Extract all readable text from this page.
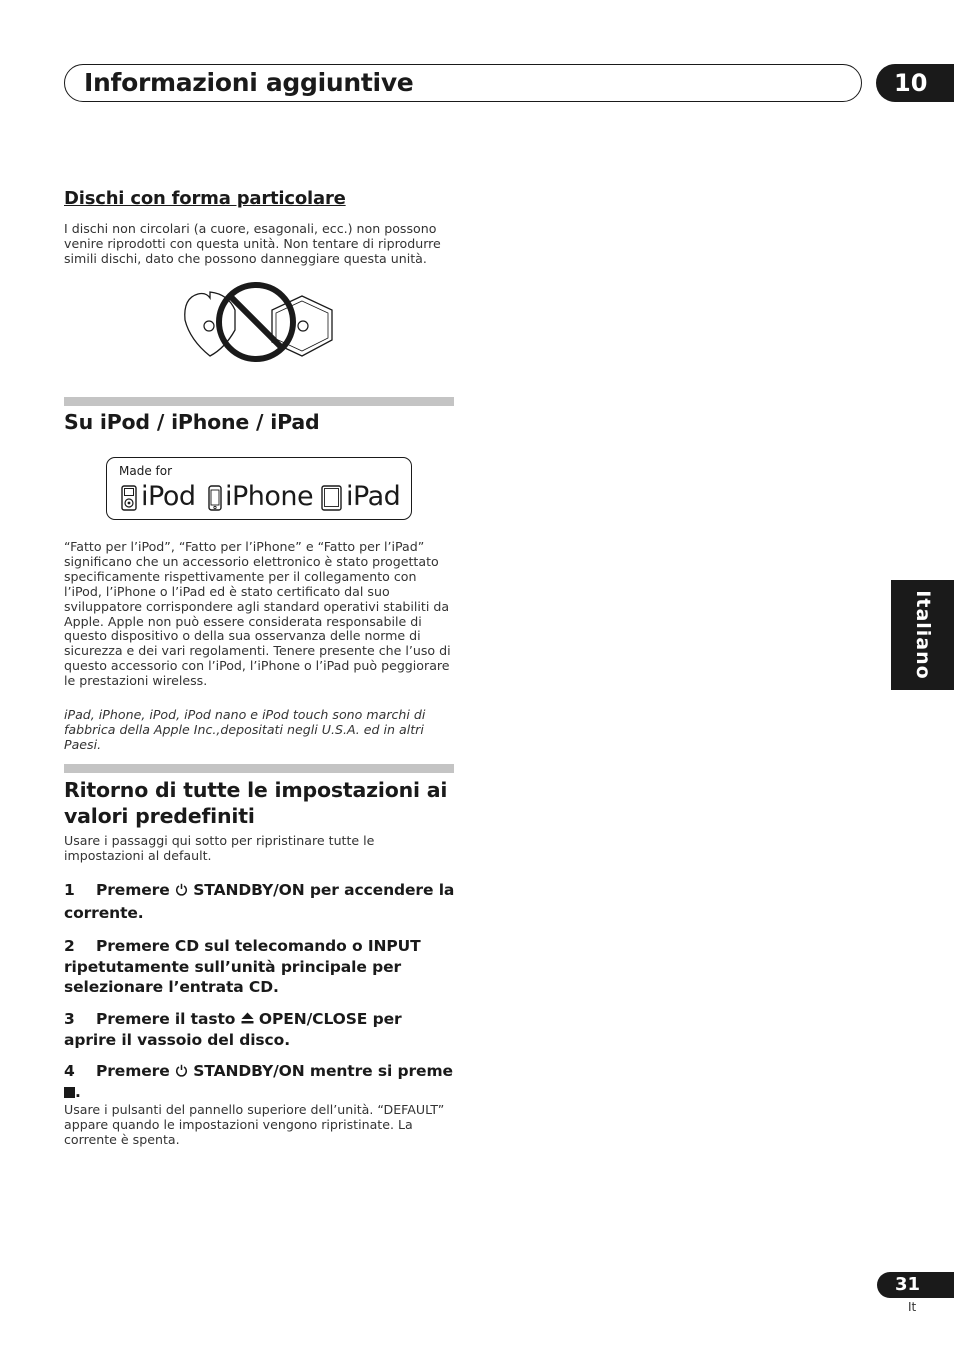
Informazioni aggiuntive	10
Italiano
Dischi con forma particolare
I dischi non circolari (a cuore, esagonali, ecc.) non possono venire riprodotti con questa unità. Non tentare di riprodurre simili dischi, dato che possono danneggiare questa unità.
Su iPod / iPhone / iPad
Made for
iPod iPhone iPad
“Fatto per l’iPod”, “Fatto per l’iPhone” e “Fatto per l’iPad” significano che un accessorio elettronico è stato progettato specificamente rispettivamente per il collegamento con l’iPod, l’iPhone o l’iPad ed è stato certificato dal suo sviluppatore corrispondere agli standard operativi stabiliti da Apple. Apple non può essere considerata responsabile di questo dispositivo o della sua osservanza delle norme di sicurezza e dei vari regolamenti. Tenere presente che l’uso di questo accessorio con l’iPod, l’iPhone o l’iPad può peggiorare le prestazioni wireless.
iPad, iPhone, iPod, iPod nano e iPod touch sono marchi di fabbrica della Apple Inc.,depositati negli U.S.A. ed in altri Paesi.
Ritorno di tutte le impostazioni ai valori predefiniti
Usare i passaggi qui sotto per ripristinare tutte le impostazioni al default.
1 Premere  STANDBY/ON per accendere la corrente.
2 Premere CD sul telecomando o INPUT ripetutamente sull’unità principale per selezionare l’entrata CD.
3 Premere il tasto  OPEN/CLOSE per aprire il vassoio del disco.
4 Premere  STANDBY/ON mentre si preme .
Usare i pulsanti del pannello superiore dell’unità. “DEFAULT” appare quando le impostazioni vengono ripristinate. La corrente è spenta.
31
It
